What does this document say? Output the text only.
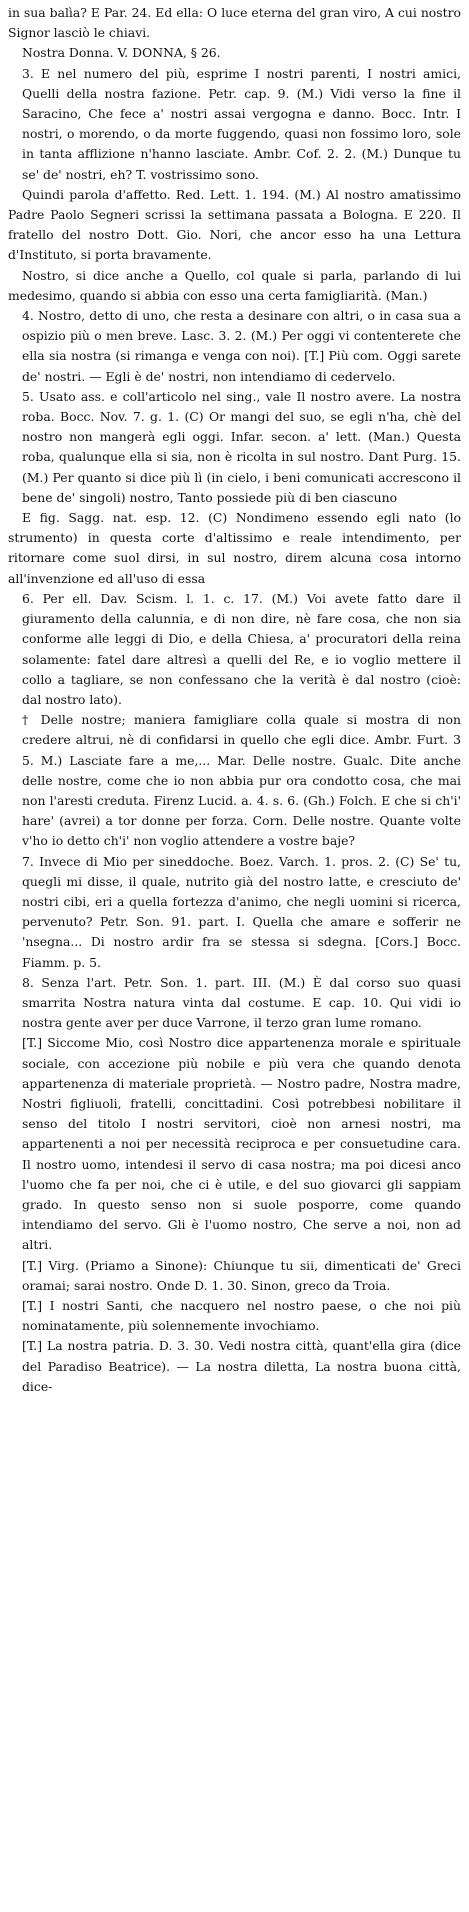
in sua balìa? E Par. 24. Ed ella: O luce eterna del gran viro, A cui nostro Signor lasciò le chiavi.

Nostra Donna. V. DONNA, § 26.

3. E nel numero del più, esprime I nostri parenti, I nostri amici, Quelli della nostra fazione. Petr. cap. 9. (M.) Vidi verso la fine il Saracino, Che fece a' nostri assai vergogna e danno. Bocc. Intr. I nostri, o morendo, o da morte fuggendo, quasi non fossimo loro, sole in tanta afflizione n'hanno lasciate. Ambr. Cof. 2. 2. (M.) Dunque tu se' de' nostri, eh? T. vostrissimo sono.

Quindi parola d'affetto. Red. Lett. 1. 194. (M.) Al nostro amatissimo Padre Paolo Segneri scrissi la settimana passata a Bologna. E 220. Il fratello del nostro Dott. Gio. Nori, che ancor esso ha una Lettura d'Instituto, si porta bravamente.

Nostro, si dice anche a Quello, col quale si parla, parlando di lui medesimo, quando si abbia con esso una certa famigliarità. (Man.)

4. Nostro, detto di uno, che resta a desinare con altri, o in casa sua a ospizio più o men breve. Lasc. 3. 2. (M.) Per oggi vi contenterete che ella sia nostra (si rimanga e venga con noi). [T.] Più com. Oggi sarete de' nostri. — Egli è de' nostri, non intendiamo di cedervelo.

5. Usato ass. e coll'articolo nel sing., vale Il nostro avere. La nostra roba. Bocc. Nov. 7. g. 1. (C) Or mangi del suo, se egli n'ha, chè del nostro non mangerà egli oggi. Infar. secon. a' lett. (Man.) Questa roba, qualunque ella si sia, non è ricolta in sul nostro. Dant Purg. 15. (M.) Per quanto si dice più lì (in cielo, i beni comunicati accrescono il bene de' singoli) nostro, Tanto possiede più di ben ciascuno

E fig. Sagg. nat. esp. 12. (C) Nondimeno essendo egli nato (lo strumento) in questa corte d'altissimo e reale intendimento, per ritornare come suol dirsi, in sul nostro, direm alcuna cosa intorno all'invenzione ed all'uso di essa

6. Per ell. Dav. Scism. l. 1. c. 17. (M.) Voi avete fatto dare il giuramento della calunnia, e di non dire, nè fare cosa, che non sia conforme alle leggi di Dio, e della Chiesa, a' procuratori della reina solamente: fatel dare altresì a quelli del Re, e io voglio mettere il collo a tagliare, se non confessano che la verità è dal nostro (cioè: dal nostro lato).

† Delle nostre; maniera famigliare colla quale si mostra di non credere altrui, nè di confidarsi in quello che egli dice. Ambr. Furt. 3 5. M.) Lasciate fare a me,... Mar. Delle nostre. Gualc. Dite anche delle nostre, come che io non abbia pur ora condotto cosa, che mai non l'aresti creduta. Firenz Lucid. a. 4. s. 6. (Gh.) Folch. E che si ch'i' hare' (avrei) a tor donne per forza. Corn. Delle nostre. Quante volte v'ho io detto ch'i' non voglio attendere a vostre baje?

7. Invece di Mio per sineddoche. Boez. Varch. 1. pros. 2. (C) Se' tu, quegli mi disse, il quale, nutrito già del nostro latte, e cresciuto de' nostri cibi, eri a quella fortezza d'animo, che negli uomini si ricerca, pervenuto? Petr. Son. 91. part. I. Quella che amare e sofferir ne 'nsegna... Di nostro ardir fra se stessa si sdegna. [Cors.] Bocc. Fiamm. p. 5.

8. Senza l'art. Petr. Son. 1. part. III. (M.) È dal corso suo quasi smarrita Nostra natura vinta dal costume. E cap. 10. Qui vidi io nostra gente aver per duce Varrone, il terzo gran lume romano.

[T.] Siccome Mio, così Nostro dice appartenenza morale e spirituale sociale, con accezione più nobile e più vera che quando denota appartenenza di materiale proprietà. — Nostro padre, Nostra madre, Nostri figliuoli, fratelli, concittadini. Così potrebbesi nobilitare il senso del titolo I nostri servitori, cioè non arnesi nostri, ma appartenenti a noi per necessità reciproca e per consuetudine cara. Il nostro uomo, intendesi il servo di casa nostra; ma poi dicesi anco l'uomo che fa per noi, che ci è utile, e del suo giovarci gli sappiam grado. In questo senso non si suole posporre, come quando intendiamo del servo. Gli è l'uomo nostro, Che serve a noi, non ad altri.

[T.] Virg. (Priamo a Sinone): Chiunque tu sii, dimenticati de' Greci oramai; sarai nostro. Onde D. 1. 30. Sinon, greco da Troia.

[T.] I nostri Santi, che nacquero nel nostro paese, o che noi più nominatamente, più solennemente invochiamo.

[T.] La nostra patria. D. 3. 30. Vedi nostra città, quant'ella gira (dice del Paradiso Beatrice). — La nostra diletta, La nostra buona città, dice-
